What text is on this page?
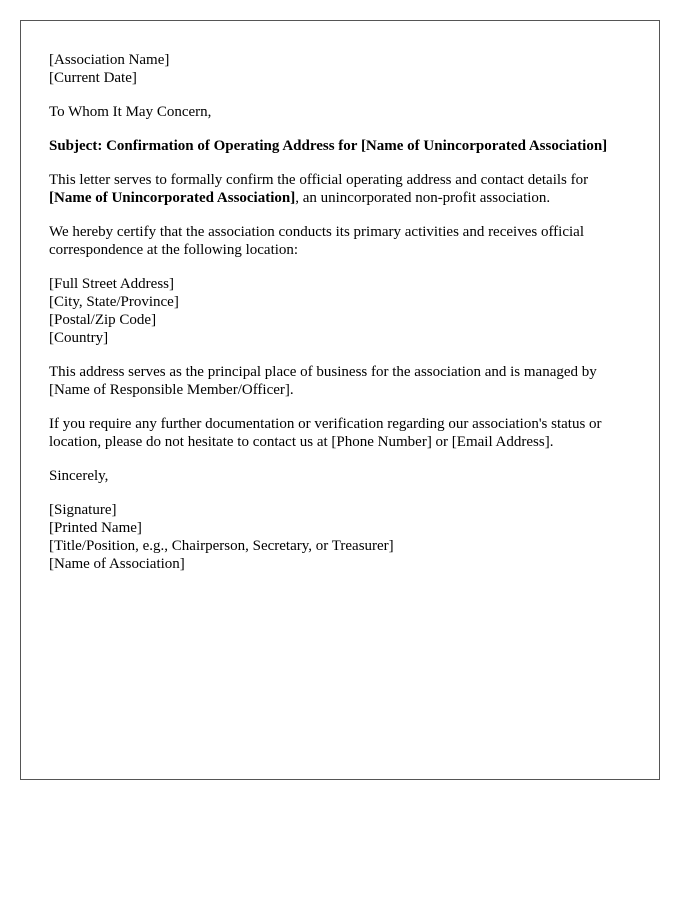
[Association Name]
[Current Date]
To Whom It May Concern,
Subject: Confirmation of Operating Address for [Name of Unincorporated Association]
This letter serves to formally confirm the official operating address and contact details for [Name of Unincorporated Association], an unincorporated non-profit association.
We hereby certify that the association conducts its primary activities and receives official correspondence at the following location:
[Full Street Address]
[City, State/Province]
[Postal/Zip Code]
[Country]
This address serves as the principal place of business for the association and is managed by [Name of Responsible Member/Officer].
If you require any further documentation or verification regarding our association's status or location, please do not hesitate to contact us at [Phone Number] or [Email Address].
Sincerely,
[Signature]
[Printed Name]
[Title/Position, e.g., Chairperson, Secretary, or Treasurer]
[Name of Association]
